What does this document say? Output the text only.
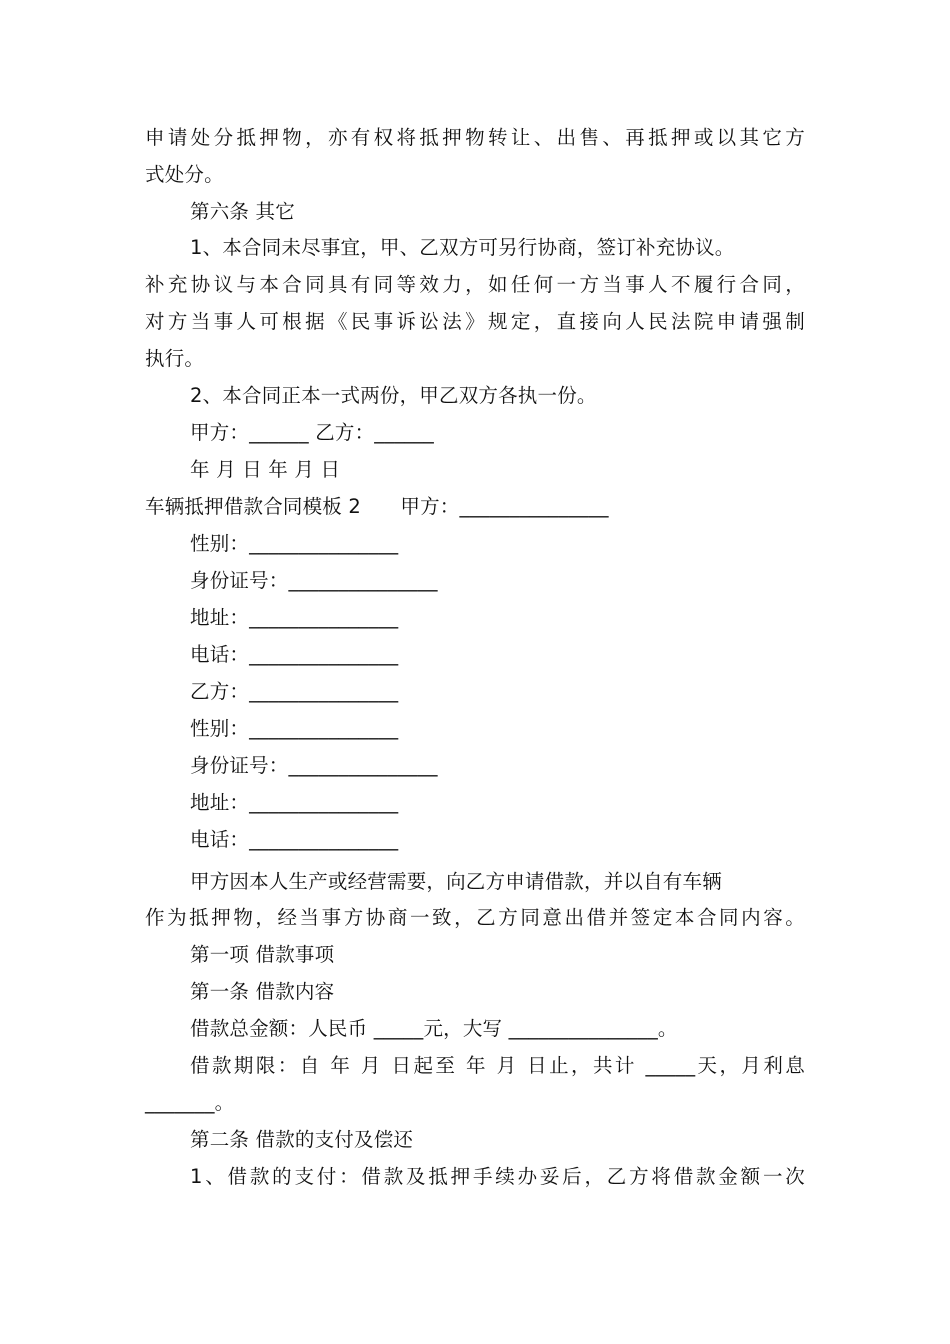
申请处分抵押物，亦有权将抵押物转让、出售、再抵押或以其它方
式处分。
第六条 其它
1、本合同未尽事宜，甲、乙双方可另行协商，签订补充协议。
补充协议与本合同具有同等效力，如任何一方当事人不履行合同，
对方当事人可根据《民事诉讼法》规定，直接向人民法院申请强制
执行。
2、本合同正本一式两份，甲乙双方各执一份。
甲方：______ 乙方：______
年 月 日 年 月 日
车辆抵押借款合同模板 2　　甲方：_______________
性别：_______________
身份证号：_______________
地址：_______________
电话：_______________
乙方：_______________
性别：_______________
身份证号：_______________
地址：_______________
电话：_______________
甲方因本人生产或经营需要，向乙方申请借款，并以自有车辆
作为抵押物，经当事方协商一致，乙方同意出借并签定本合同内容。
第一项 借款事项
第一条 借款内容
借款总金额：人民币 _____元，大写 _______________。
借款期限：自 年 月 日起至 年 月 日止，共计 _____天，月利息
_______。
第二条 借款的支付及偿还
1、借款的支付：借款及抵押手续办妥后，乙方将借款金额一次
